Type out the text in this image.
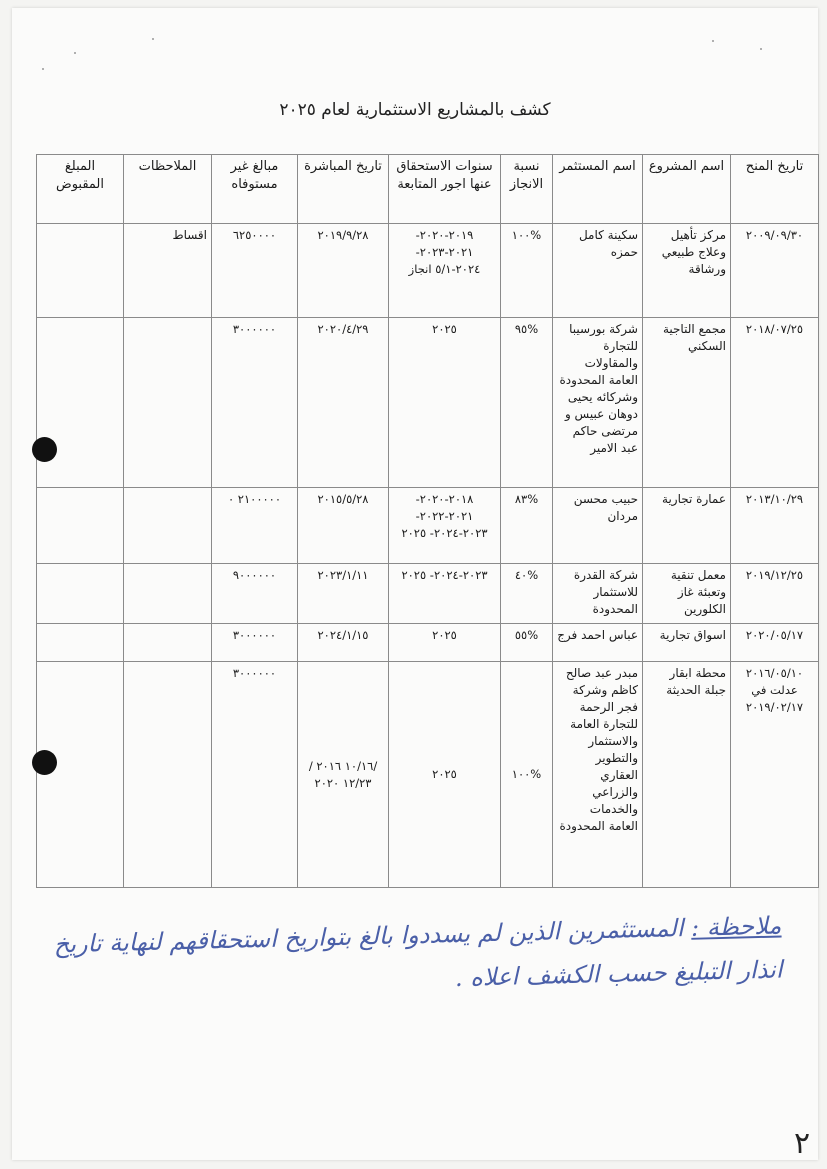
كشف بالمشاريع الاستثمارية لعام ٢٠٢٥
تاريخ المنح	اسم المشروع	اسم المستثمر	نسبة الانجاز	سنوات الاستحقاق عنها اجور المتابعة	تاريخ المباشرة	مبالغ غير مستوفاه	الملاحظات	المبلغ المقبوض
٢٠٠٩/٠٩/٣٠	مركز تأهيل وعلاج طبيعي ورشاقة	سكينة كامل حمزه	%١٠٠	٢٠١٩-٢٠٢٠- ٢٠٢١-٢٠٢٣- ٢٠٢٤-٥/١ انجاز	٢٠١٩/٩/٢٨	٦٢٥٠٠٠٠	اقساط	
٢٠١٨/٠٧/٢٥	مجمع التاجية السكني	شركة بورسيبا للتجارة والمقاولات العامة المحدودة وشركائه يحيى دوهان عبيس و مرتضى حاكم عبد الامير	%٩٥	٢٠٢٥	٢٠٢٠/٤/٢٩	٣٠٠٠٠٠٠		
٢٠١٣/١٠/٢٩	عمارة تجارية	حبيب محسن مردان	%٨٣	٢٠١٨-٢٠٢٠- ٢٠٢١-٢٠٢٢- ٢٠٢٣-٢٠٢٤- ٢٠٢٥	٢٠١٥/٥/٢٨	٢١٠٠٠٠٠ ٠		
٢٠١٩/١٢/٢٥	معمل تنقية وتعبئة غاز الكلورين	شركة القدرة للاستثمار المحدودة	%٤٠	٢٠٢٣-٢٠٢٤- ٢٠٢٥	٢٠٢٣/١/١١	٩٠٠٠٠٠٠		
٢٠٢٠/٠٥/١٧	اسواق تجارية	عباس احمد فرج	%٥٥	٢٠٢٥	٢٠٢٤/١/١٥	٣٠٠٠٠٠٠		
٢٠١٦/٠٥/١٠ عدلت في ٢٠١٩/٠٢/١٧	محطة ابقار جبلة الحديثة	مبدر عبد صالح كاظم وشركة فجر الرحمة للتجارة العامة والاستثمار والتطوير العقاري والزراعي والخدمات العامة المحدودة	%١٠٠	٢٠٢٥	/١٠/١٦ ٢٠١٦ /١٢/٢٣ ٢٠٢٠	٣٠٠٠٠٠٠		
ملاحظة : المستثمرين الذين لم يسددوا بالغ بتواريخ استحقاقهم لنهاية تاريخ انذار التبليغ حسب الكشف اعلاه .
٢
